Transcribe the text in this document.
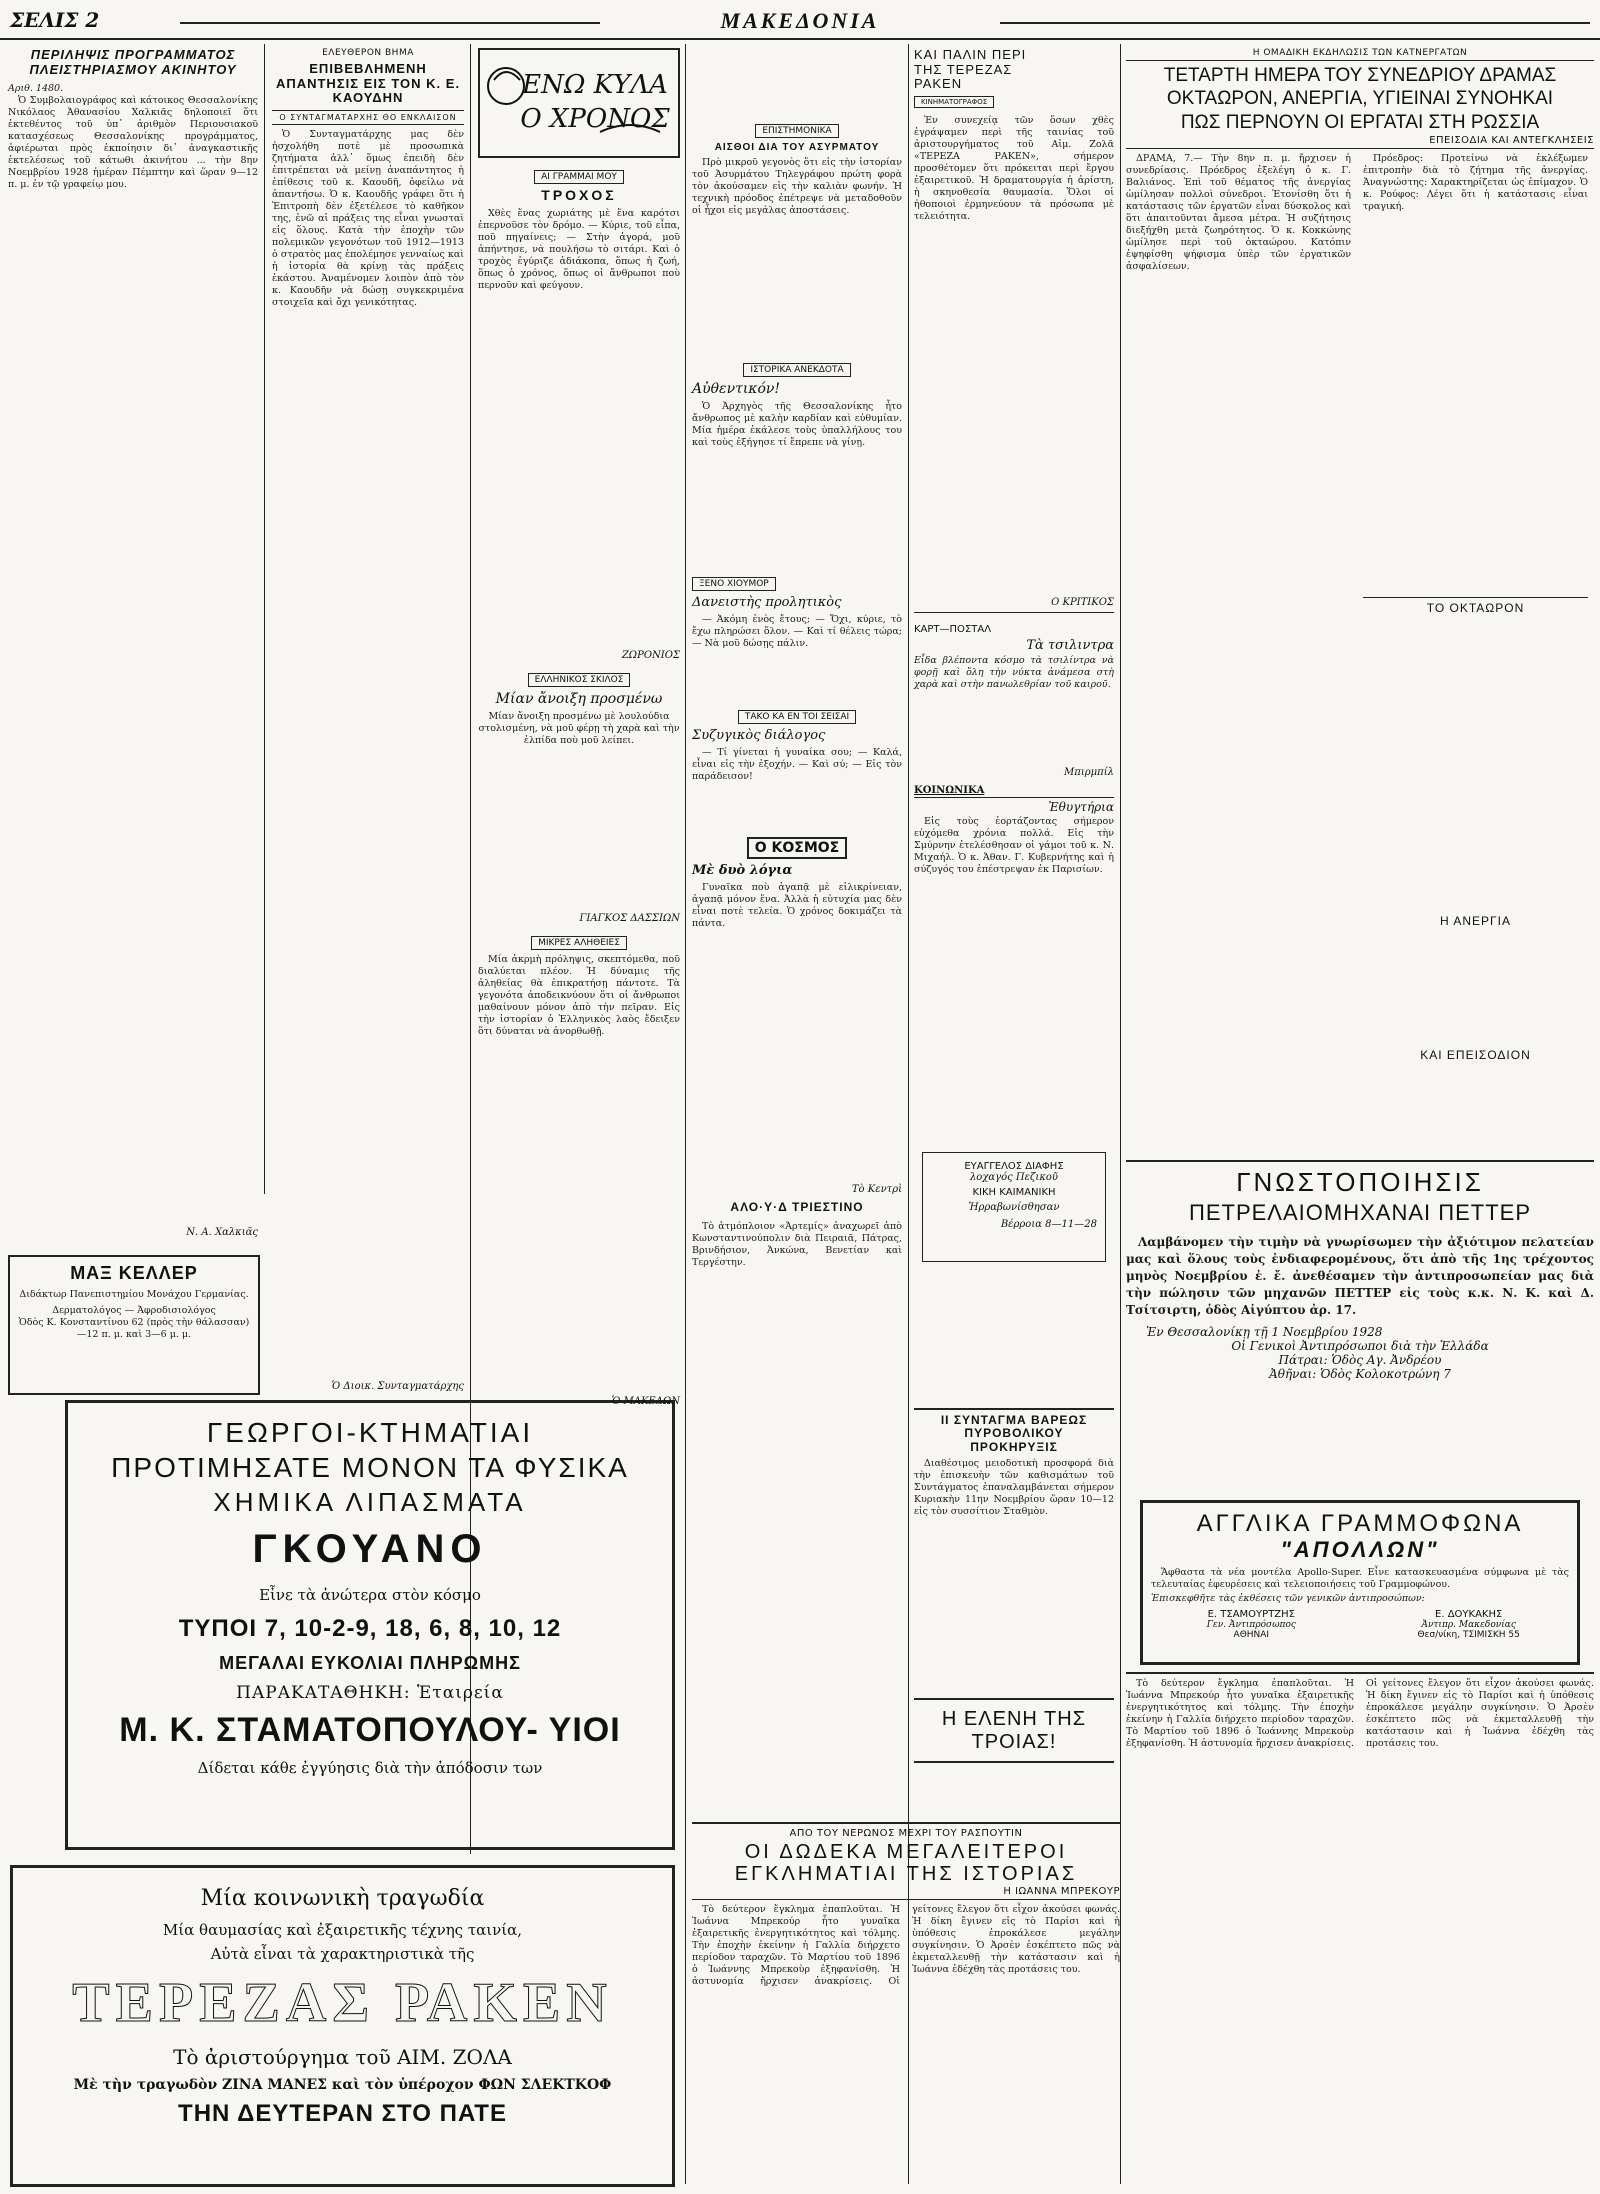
ΣΕΛΙΣ 2	ΜΑΚΕΔΟΝΙΑ
ΠΕΡΙΛΗΨΙΣ ΠΡΟΓΡΑΜΜΑΤΟΣ ΠΛΕΙΣΤΗΡΙΑΣΜΟΥ ΑΚΙΝΗΤΟΥ
Αριθ. 1480.
Ὁ Συμβολαιογράφος καὶ κάτοικος Θεσσαλονίκης Νικόλαος Ἀθανασίου Χαλκιᾶς δηλοποιεῖ ὅτι ἐκτεθέντος τοῦ ὑπ᾽ ἀριθμὸν Περιουσιακοῦ κατασχέσεως Θεσσαλονίκης προγράμματος, ἀφιέρωται πρὸς ἐκποίησιν δι᾽ ἀναγκαστικῆς ἐκτελέσεως τοῦ κάτωθι ἀκινήτου ... τὴν 8ην Νοεμβρίου 1928 ἡμέραν Πέμπτην καὶ ὥραν 9—12 π. μ. ἐν τῷ γραφείῳ μου.
Ν. Α. Χαλκιᾶς
ΜΑΞ ΚΕΛΛΕΡ
Διδάκτωρ Πανεπιστημίου Μονάχου Γερμανίας.
Δερματολόγος — Ἀφροδισιολόγος
Ὁδὸς Κ. Κονσταντίνου 62 (πρὸς τὴν θάλασσαν)
—12 π. μ. καὶ 3—6 μ. μ.
ΓΕΩΡΓΟΙ-ΚΤΗΜΑΤΙΑΙ
ΠΡΟΤΙΜΗΣΑΤΕ ΜΟΝΟΝ ΤΑ ΦΥΣΙΚΑ
ΧΗΜΙΚΑ ΛΙΠΑΣΜΑΤΑ
ΓΚΟΥΑΝΟ
Εἶνε τὰ ἀνώτερα στὸν κόσμο
ΤΥΠΟΙ 7, 10-2-9, 18, 6, 8, 10, 12
ΜΕΓΑΛΑΙ ΕΥΚΟΛΙΑΙ ΠΛΗΡΩΜΗΣ
ΠΑΡΑΚΑΤΑΘΗΚΗ: Ἑταιρεία
Μ. Κ. ΣΤΑΜΑΤΟΠΟΥΛΟΥ- ΥΙΟΙ
Δίδεται κάθε ἐγγύησις διὰ τὴν ἀπόδοσιν των
Μία κοινωνικὴ τραγωδία
Μία θαυμασίας καὶ ἐξαιρετικῆς τέχνης ταινία,
Αὐτὰ εἶναι τὰ χαρακτηριστικὰ τῆς
ΤΕΡΕΖΑΣ ΡΑΚΕΝ
Τὸ ἀριστούργημα τοῦ ΑΙΜ. ΖΟΛΑ
Μὲ τὴν τραγωδὸν ΖΙΝΑ ΜΑΝΕΣ καὶ τὸν ὑπέροχον ΦΩΝ ΣΛΕΚΤΚΟΦ
ΤΗΝ ΔΕΥΤΕΡΑΝ ΣΤΟ ΠΑΤΕ
ΕΛΕΥΘΕΡΟΝ ΒΗΜΑ
ΕΠΙΒΕΒΛΗΜΕΝΗ ΑΠΑΝΤΗΣΙΣ ΕΙΣ ΤΟΝ Κ. Ε. ΚΑΟΥΔΗΝ
Ο ΣΥΝΤΑΓΜΑΤΑΡΧΗΣ ΘΟ ΕΝΚΛΑΙΣΟΝ
Ὁ Συνταγματάρχης μας δὲν ἠσχολήθη ποτὲ μὲ προσωπικὰ ζητήματα ἀλλ᾽ ὅμως ἐπειδὴ δὲν ἐπιτρέπεται νὰ μείνῃ ἀναπάντητος ἡ ἐπίθεσις τοῦ κ. Καουδῆ, ὀφείλω νὰ ἀπαντήσω. Ὁ κ. Καουδῆς γράφει ὅτι ἡ Ἐπιτροπὴ δὲν ἐξετέλεσε τὸ καθῆκον της, ἐνῶ αἱ πράξεις της εἶναι γνωσταὶ εἰς ὅλους. Κατὰ τὴν ἐποχὴν τῶν πολεμικῶν γεγονότων τοῦ 1912—1913 ὁ στρατὸς μας ἐπολέμησε γενναίως καὶ ἡ ἱστορία θὰ κρίνῃ τὰς πράξεις ἑκάστου. Ἀναμένομεν λοιπὸν ἀπὸ τὸν κ. Καουδῆν νὰ δώσῃ συγκεκριμένα στοιχεῖα καὶ ὄχι γενικότητας.
Ὁ Διοικ. Συνταγματάρχης
ΕΝΩ ΚΥΛΑ Ο ΧΡΟΝΟΣ
ΑΙ ΓΡΑΜΜΑΙ ΜΟΥ
ΤΡΟΧΟΣ
Χθὲς ἕνας χωριάτης μὲ ἕνα καρότσι ἐπερνοῦσε τὸν δρόμο. — Κύριε, τοῦ εἶπα, ποῦ πηγαίνεις; — Στὴν ἀγορά, μοῦ ἀπήντησε, νὰ πουλήσω τὸ σιτάρι. Καὶ ὁ τροχὸς ἐγύριζε ἀδιάκοπα, ὅπως ἡ ζωή, ὅπως ὁ χρόνος, ὅπως οἱ ἄνθρωποι ποὺ περνοῦν καὶ φεύγουν.
ΖΩΡΟΝΙΟΣ
ΕΛΛΗΝΙΚΟΣ ΣΚΙΛΟΣ
Μίαν ἄνοιξη προσμένω
Μίαν ἄνοιξη προσμένω μὲ λουλούδια στολισμένη, νὰ μοῦ φέρῃ τὴ χαρὰ καὶ τὴν ἐλπίδα ποὺ μοῦ λείπει.
ΓΙΑΓΚΟΣ ΔΑΣΣΙΩΝ
ΜΙΚΡΕΣ ΑΛΗΘΕΙΕΣ
Μία ἀκρμὴ πρόληψις, σκεπτόμεθα, ποῦ διαλύεται πλέον. Ἡ δύναμις τῆς ἀληθείας θὰ ἐπικρατήσῃ πάντοτε. Τὰ γεγονότα ἀποδεικνύουν ὅτι οἱ ἄνθρωποι μαθαίνουν μόνον ἀπὸ τὴν πεῖραν. Εἰς τὴν ἱστορίαν ὁ Ἑλληνικὸς λαὸς ἔδειξεν ὅτι δύναται νὰ ἀνορθωθῇ.
Ὁ ΜΑΚΕΔΩΝ
ΕΠΙΣΤΗΜΟΝΙΚΑ
ΑΙΣΘΟΙ ΔΙΑ ΤΟΥ ΑΣΥΡΜΑΤΟΥ
Πρὸ μικροῦ γεγονὸς ὅτι εἰς τὴν ἱστορίαν τοῦ Ἀσυρμάτου Τηλεγράφου πρώτη φορὰ τὸν ἀκούσαμεν εἰς τὴν καλιὰν φωνήν. Ἡ τεχνικὴ πρόοδος ἐπέτρεψε νὰ μεταδοθοῦν οἱ ἦχοι εἰς μεγάλας ἀποστάσεις.
ΙΣΤΟΡΙΚΑ ΑΝΕΚΔΟΤΑ
Αὐθεντικόν!
Ὁ Ἀρχηγὸς τῆς Θεσσαλονίκης ἦτο ἄνθρωπος μὲ καλὴν καρδίαν καὶ εὐθυμίαν. Μία ἡμέρα ἐκάλεσε τοὺς ὑπαλλήλους του καὶ τοὺς ἐξήγησε τί ἔπρεπε νὰ γίνῃ.
ΞΕΝΟ ΧΙΟΥΜΟΡ
Δανειστὴς προλητικὸς
— Ἀκόμη ἐνὸς ἔτους; — Ὄχι, κύριε, τὸ ἔχω πληρώσει ὅλον. — Καὶ τί θέλεις τώρα; — Νὰ μοῦ δώσῃς πάλιν.
ΤΑΚΟ ΚΑ ΕΝ ΤΟΙ ΣΕΙΣΑΙ
Συζυγικὸς διάλογος
— Τί γίνεται ἡ γυναίκα σου; — Καλά, εἶναι εἰς τὴν ἐξοχήν. — Καὶ σύ; — Εἰς τὸν παράδεισον!
Ο ΚΟΣΜΟΣ
Μὲ δυὸ λόγια
Γυναῖκα ποὺ ἀγαπᾷ μὲ εἰλικρίνειαν, ἀγαπᾷ μόνον ἕνα. Ἀλλὰ ἡ εὐτυχία μας δὲν εἶναι ποτὲ τελεία. Ὁ χρόνος δοκιμάζει τὰ πάντα.
Τὸ Κεντρὶ
ΑΛΟ·Υ·Δ ΤΡΙΕΣΤΙΝΟ
Τὸ ἀτμόπλοιον «Ἀρτεμίς» ἀναχωρεῖ ἀπὸ Κωνσταντινούπολιν διὰ Πειραιᾶ, Πάτρας, Βρινδήσιον, Ἀνκώνα, Βενετίαν καὶ Τεργέστην.
ΚΑΙ ΠΑΛΙΝ ΠΕΡΙ ΤΗΣ ΤΕΡΕΖΑΣ ΡΑΚΕΝ ΚΙΝΗΜΑΤΟΓΡΑΦΟΣ
Ἐν συνεχείᾳ τῶν ὅσων χθὲς ἐγράψαμεν περὶ τῆς ταινίας τοῦ ἀριστουργήματος τοῦ Αἰμ. Ζολᾶ «ΤΕΡΕΖΑ ΡΑΚΕΝ», σήμερον προσθέτομεν ὅτι πρόκειται περὶ ἔργου ἐξαιρετικοῦ. Ἡ δραματουργία ἡ ἀρίστη, ἡ σκηνοθεσία θαυμασία. Ὅλοι οἱ ἠθοποιοὶ ἐρμηνεύουν τὰ πρόσωπα μὲ τελειότητα.
Ο ΚΡΙΤΙΚΟΣ
ΚΑΡΤ—ΠΟΣΤΑΛ
Τὰ τσιλιντρα
Εἶδα βλέποντα κόσμο τὰ τσιλίντρα νὰ φορῇ καὶ ὅλη τὴν νύκτα ἀνάμεσα στὴ χαρὰ καὶ στὴν πανωλεθρίαν τοῦ καιροῦ.
Μπιρμπίλ
ΚΟΙΝΩΝΙΚΑ
Ἐθυγτήρια
Εἰς τοὺς ἑορτάζοντας σήμερον εὐχόμεθα χρόνια πολλά. Εἰς τὴν Σμύρνην ἐτελέσθησαν οἱ γάμοι τοῦ κ. Ν. Μιχαήλ. Ὁ κ. Ἀθαν. Γ. Κυβερνήτης καὶ ἡ σύζυγός του ἐπέστρεψαν ἐκ Παρισίων.
ΕΥΑΓΓΕΛΟΣ ΔΙΑΦΗΣ
λοχαγός Πεζικοῦ
ΚΙΚΗ ΚΑΙΜΑΝΙΚΗ
Ἠρραβωνίσθησαν
Βέρροια 8—11—28
II ΣΥΝΤΑΓΜΑ ΒΑΡΕΩΣ ΠΥΡΟΒΟΛΙΚΟΥ
ΠΡΟΚΗΡΥΞΙΣ
Διαθέσιμος μειοδοτικὴ προσφορά διὰ τὴν ἐπισκευὴν τῶν καθισμάτων τοῦ Συντάγματος ἐπαναλαμβάνεται σήμερον Κυριακὴν 11ην Νοεμβρίου ὥραν 10—12 εἰς τὸν συσσίτιον Σταθμὸν.
Η ΕΛΕΝΗ ΤΗΣ ΤΡΟΙΑΣ!
Η ΟΜΑΔΙΚΗ ΕΚΔΗΛΩΣΙΣ ΤΩΝ ΚΑΤΝΕΡΓΑΤΩΝ
ΤΕΤΑΡΤΗ ΗΜΕΡΑ ΤΟΥ ΣΥΝΕΔΡΙΟΥ ΔΡΑΜΑΣ
ΟΚΤΑΩΡΟΝ, ΑΝΕΡΓΙΑ, ΥΓΙΕΙΝΑΙ ΣΥΝΟΗΚΑΙ
ΠΩΣ ΠΕΡΝΟΥΝ ΟΙ ΕΡΓΑΤΑΙ ΣΤΗ ΡΩΣΣΙΑ
ΕΠΕΙΣΟΔΙΑ ΚΑΙ ΑΝΤΕΓΚΛΗΣΕΙΣ
ΔΡΑΜΑ, 7.— Τὴν 8ην π. μ. ἤρχισεν ἡ συνεδρίασις. Πρόεδρος ἐξελέγη ὁ κ. Γ. Βαλιάνος. Ἐπὶ τοῦ θέματος τῆς ἀνεργίας ὡμίλησαν πολλοὶ σύνεδροι. Ἐτονίσθη ὅτι ἡ κατάστασις τῶν ἐργατῶν εἶναι δύσκολος καὶ ὅτι ἀπαιτοῦνται ἄμεσα μέτρα. Ἡ συζήτησις διεξήχθη μετὰ ζωηρότητος. Ὁ κ. Κοκκώνης ὡμίλησε περὶ τοῦ ὀκταώρου. Κατόπιν ἐψηφίσθη ψήφισμα ὑπὲρ τῶν ἐργατικῶν ἀσφαλίσεων.
Πρόεδρος: Προτείνω νὰ ἐκλέξωμεν ἐπιτροπὴν διὰ τὸ ζήτημα τῆς ἀνεργίας. Ἀναγνώστης: Χαρακτηρίζεται ὡς ἐπίμαχον. Ὁ κ. Ρούφος: Λέγει ὅτι ἡ κατάστασις εἶναι τραγική.
ΤΟ ΟΚΤΑΩΡΟΝ
Η ΑΝΕΡΓΙΑ
ΚΑΙ ΕΠΕΙΣΟΔΙΟΝ
ΓΝΩΣΤΟΠΟΙΗΣΙΣ
ΠΕΤΡΕΛΑΙΟΜΗΧΑΝΑΙ ΠΕΤΤΕΡ
Λαμβάνομεν τὴν τιμὴν νὰ γνωρίσωμεν τὴν ἀξιότιμον πελατείαν μας καὶ ὅλους τοὺς ἐνδιαφερομένους, ὅτι ἀπὸ τῆς 1ης τρέχοντος μηνὸς Νοεμβρίου ἐ. ἔ. ἀνεθέσαμεν τὴν ἀντιπροσωπείαν μας διὰ τὴν πώλησιν τῶν μηχανῶν ΠΕΤΤΕΡ εἰς τοὺς κ.κ. Ν. Κ. καὶ Δ. Τσίτσιρτη, ὁδὸς Αἰγύπτου ἀρ. 17.
Ἐν Θεσσαλονίκῃ τῇ 1 Νοεμβρίου 1928
Οἱ Γενικοὶ Ἀντιπρόσωποι διὰ τὴν Ἑλλάδα
Πάτραι: Ὁδὸς Αγ. Ἀνδρέου
Ἀθῆναι: Ὁδὸς Κολοκοτρώνη 7
ΑΓΓΛΙΚΑ ΓΡΑΜΜΟΦΩΝΑ
"ΑΠΟΛΛΩΝ"
Ἄφθαστα τὰ νέα μοντέλα Apollo-Super. Εἶνε κατασκευασμένα σύμφωνα μὲ τὰς τελευταίας ἐφευρέσεις καὶ τελειοποιήσεις τοῦ Γραμμοφώνου.
Ἐπισκεφθῆτε τὰς ἐκθέσεις τῶν γενικῶν ἀντιπροσώπων:
Ε. ΤΣΑΜΟΥΡΤΖΗΣ
Γεν. Ἀντιπρόσωπος
ΑΘΗΝΑΙ
Ε. ΔΟΥΚΑΚΗΣ
Ἀντιπρ. Μακεδονίας
Θεσ/νίκη, ΤΣΙΜΙΣΚΗ 55
ΑΠΟ ΤΟΥ ΝΕΡΩΝΟΣ ΜΕΧΡΙ ΤΟΥ ΡΑΣΠΟΥΤΙΝ
ΟΙ ΔΩΔΕΚΑ ΜΕΓΑΛΕΙΤΕΡΟΙ
ΕΓΚΛΗΜΑΤΙΑΙ ΤΗΣ ΙΣΤΟΡΙΑΣ
Η ΙΩΑΝΝΑ ΜΠΡΕΚΟΥΡ
Τὸ δεύτερον ἔγκλημα ἐπαπλοῦται. Ἡ Ἰωάννα Μπρεκούρ ἦτο γυναῖκα ἐξαιρετικῆς ἐνεργητικότητος καὶ τόλμης. Τὴν ἐποχὴν ἐκείνην ἡ Γαλλία διήρχετο περίοδον ταραχῶν. Τὸ Μαρτίου τοῦ 1896 ὁ Ἰωάννης Μπρεκοὺρ ἐξηφανίσθη. Ἡ ἀστυνομία ἤρχισεν ἀνακρίσεις. Οἱ γείτονες ἔλεγον ὅτι εἶχον ἀκούσει φωνάς. Ἡ δίκη ἔγινεν εἰς τὸ Παρίσι καὶ ἡ ὑπόθεσις ἐπροκάλεσε μεγάλην συγκίνησιν. Ὁ Ἀρσὲν ἐσκέπτετο πῶς νὰ ἐκμεταλλευθῇ τὴν κατάστασιν καὶ ἡ Ἰωάννα ἐδέχθη τὰς προτάσεις του.
Τὸ δεύτερον ἔγκλημα ἐπαπλοῦται. Ἡ Ἰωάννα Μπρεκούρ ἦτο γυναῖκα ἐξαιρετικῆς ἐνεργητικότητος καὶ τόλμης. Τὴν ἐποχὴν ἐκείνην ἡ Γαλλία διήρχετο περίοδον ταραχῶν. Τὸ Μαρτίου τοῦ 1896 ὁ Ἰωάννης Μπρεκοὺρ ἐξηφανίσθη. Ἡ ἀστυνομία ἤρχισεν ἀνακρίσεις. Οἱ γείτονες ἔλεγον ὅτι εἶχον ἀκούσει φωνάς. Ἡ δίκη ἔγινεν εἰς τὸ Παρίσι καὶ ἡ ὑπόθεσις ἐπροκάλεσε μεγάλην συγκίνησιν. Ὁ Ἀρσὲν ἐσκέπτετο πῶς νὰ ἐκμεταλλευθῇ τὴν κατάστασιν καὶ ἡ Ἰωάννα ἐδέχθη τὰς προτάσεις του.
